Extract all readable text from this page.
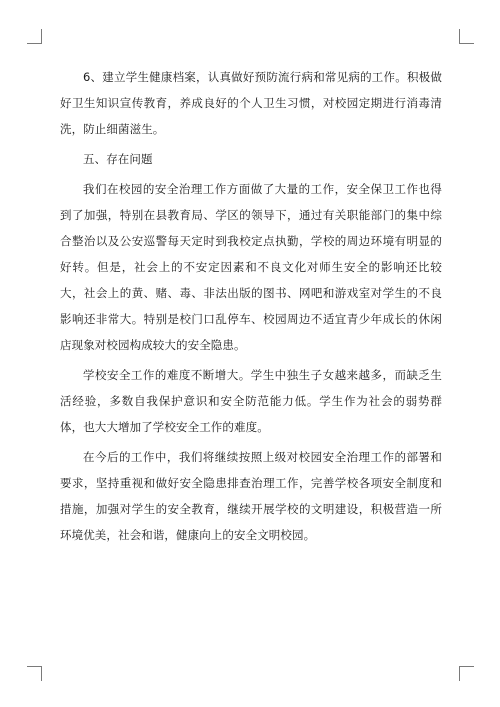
6、建立学生健康档案，认真做好预防流行病和常见病的工作。积极做好卫生知识宣传教育，养成良好的个人卫生习惯，对校园定期进行消毒清洗，防止细菌滋生。

五、存在问题

我们在校园的安全治理工作方面做了大量的工作，安全保卫工作也得到了加强，特别在县教育局、学区的领导下，通过有关职能部门的集中综合整治以及公安巡警每天定时到我校定点执勤，学校的周边环境有明显的好转。但是，社会上的不安定因素和不良文化对师生安全的影响还比较大，社会上的黄、赌、毒、非法出版的图书、网吧和游戏室对学生的不良影响还非常大。特别是校门口乱停车、校园周边不适宜青少年成长的休闲店现象对校园构成较大的安全隐患。

学校安全工作的难度不断增大。学生中独生子女越来越多，而缺乏生活经验，多数自我保护意识和安全防范能力低。学生作为社会的弱势群体，也大大增加了学校安全工作的难度。

在今后的工作中，我们将继续按照上级对校园安全治理工作的部署和要求，坚持重视和做好安全隐患排查治理工作，完善学校各项安全制度和措施，加强对学生的安全教育，继续开展学校的文明建设，积极营造一所环境优美，社会和谐，健康向上的安全文明校园。
